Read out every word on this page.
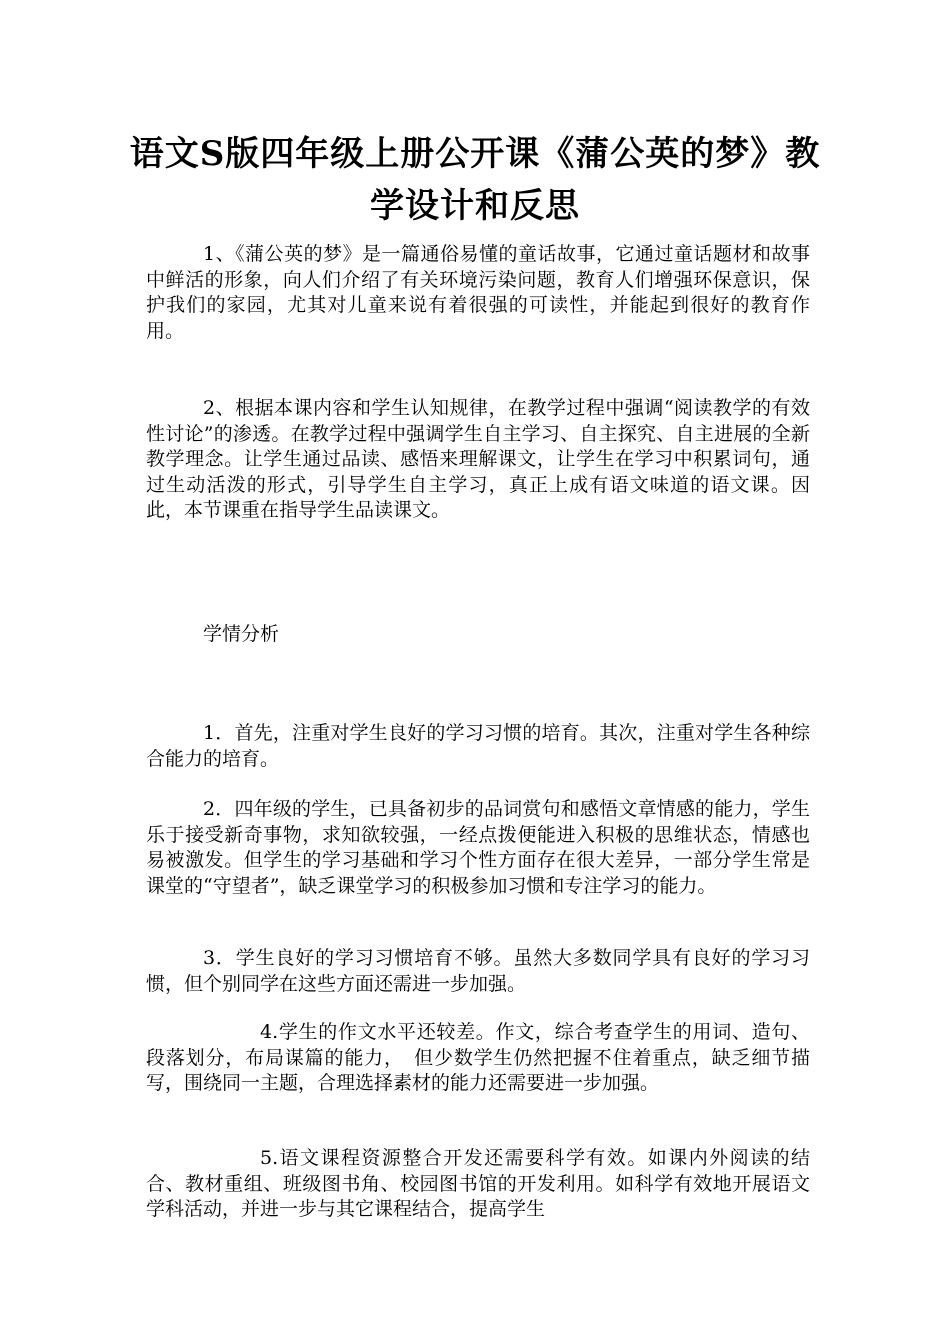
语文S版四年级上册公开课《蒲公英的梦》教学设计和反思

1、《蒲公英的梦》是一篇通俗易懂的童话故事，它通过童话题材和故事中鲜活的形象，向人们介绍了有关环境污染问题，教育人们增强环保意识，保护我们的家园，尤其对儿童来说有着很强的可读性，并能起到很好的教育作用。

2、根据本课内容和学生认知规律，在教学过程中强调“阅读教学的有效性讨论”的渗透。在教学过程中强调学生自主学习、自主探究、自主进展的全新教学理念。让学生通过品读、感悟来理解课文，让学生在学习中积累词句，通过生动活泼的形式，引导学生自主学习，真正上成有语文味道的语文课。因此，本节课重在指导学生品读课文。

学情分析

1．首先，注重对学生良好的学习习惯的培育。其次，注重对学生各种综合能力的培育。

2．四年级的学生，已具备初步的品词赏句和感悟文章情感的能力，学生乐于接受新奇事物，求知欲较强，一经点拨便能进入积极的思维状态，情感也易被激发。但学生的学习基础和学习个性方面存在很大差异，一部分学生常是课堂的“守望者”，缺乏课堂学习的积极参加习惯和专注学习的能力。

3．学生良好的学习习惯培育不够。虽然大多数同学具有良好的学习习惯，但个别同学在这些方面还需进一步加强。

4.学生的作文水平还较差。作文，综合考查学生的用词、造句、段落划分，布局谋篇的能力，　但少数学生仍然把握不住着重点，缺乏细节描写，围绕同一主题，合理选择素材的能力还需要进一步加强。

5.语文课程资源整合开发还需要科学有效。如课内外阅读的结合、教材重组、班级图书角、校园图书馆的开发利用。如科学有效地开展语文学科活动，并进一步与其它课程结合，提高学生
